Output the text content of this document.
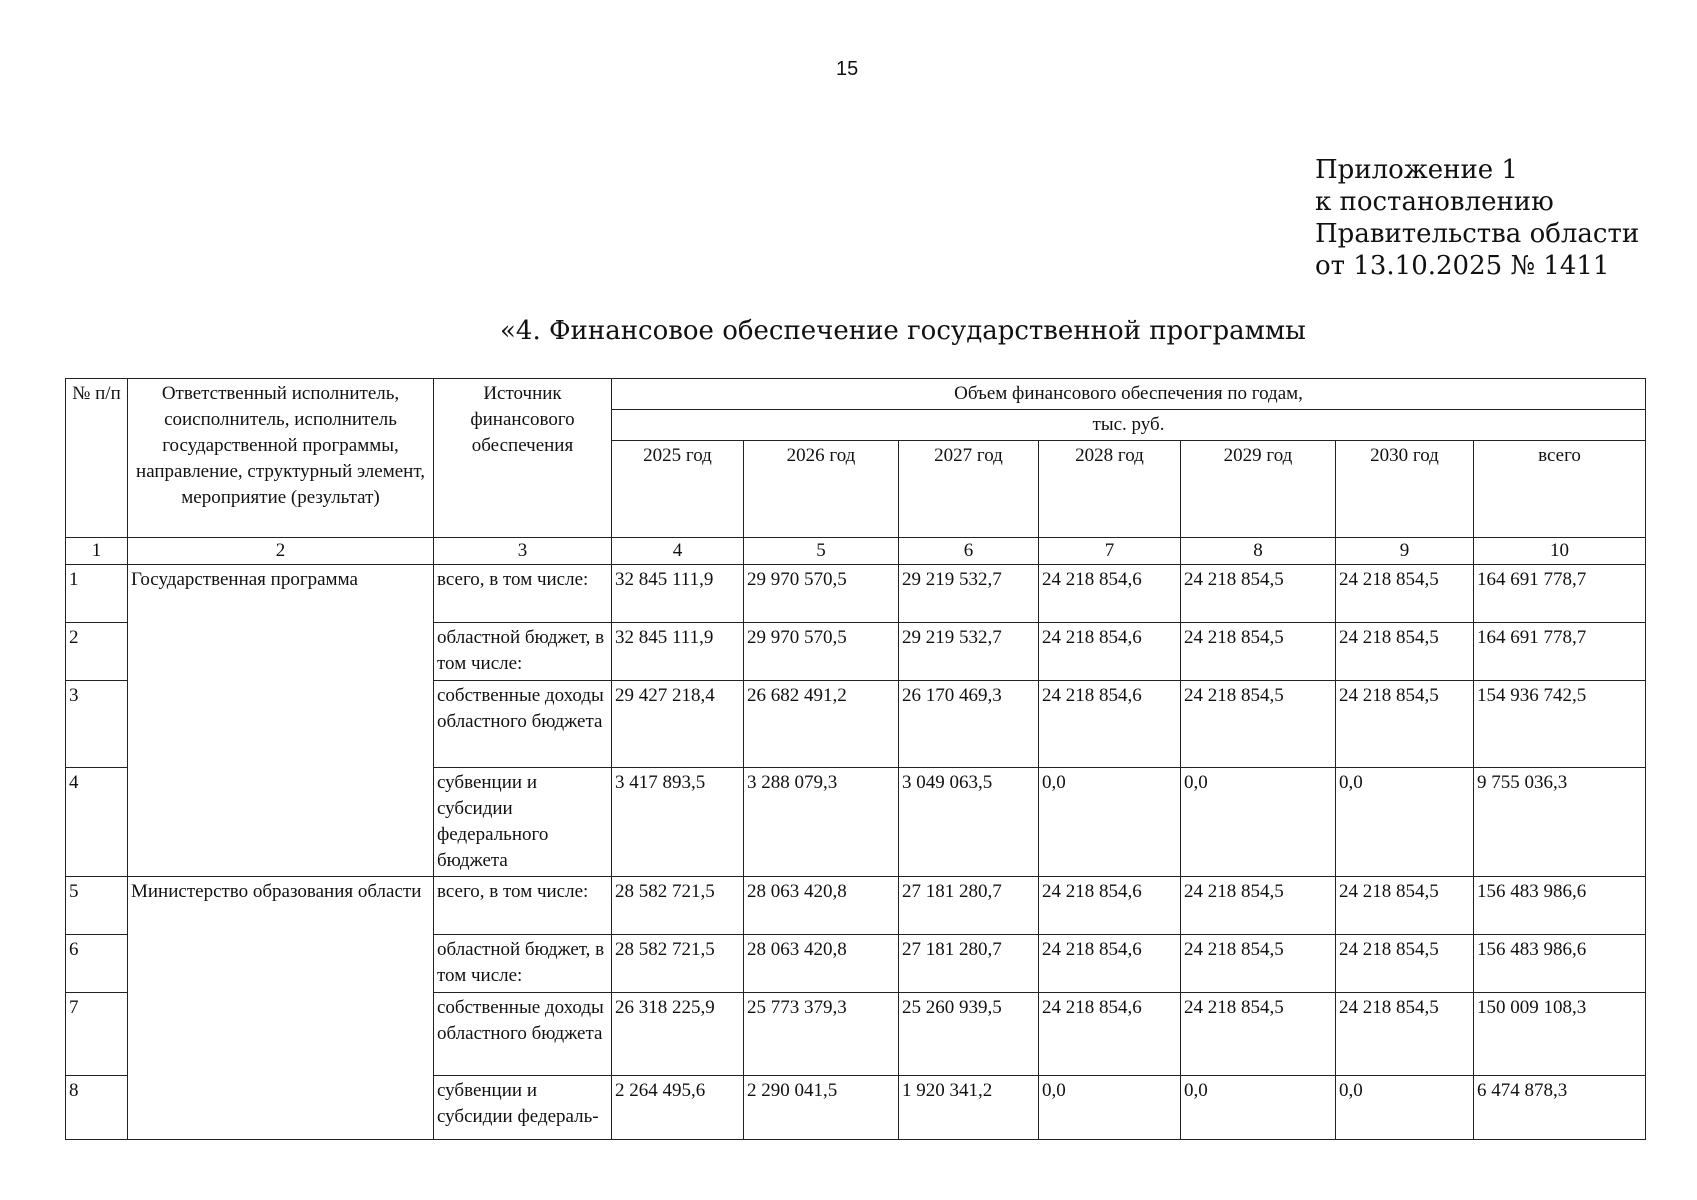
15
Приложение 1
к постановлению
Правительства области
от 13.10.2025 № 1411
«4. Финансовое обеспечение государственной программы
№ п/п	Ответственный исполнитель, соисполнитель, исполнитель государственной программы, направление, структурный элемент, мероприятие (результат)	Источник финансового обеспечения	Объем финансового обеспечения по годам,						
			тыс. руб.						
			2025 год	2026 год	2027 год	2028 год	2029 год	2030 год	всего
1	2	3	4	5	6	7	8	9	10
1	Государственная программа	всего, в том числе:	32 845 111,9	29 970 570,5	29 219 532,7	24 218 854,6	24 218 854,5	24 218 854,5	164 691 778,7
2		областной бюджет, в том числе:	32 845 111,9	29 970 570,5	29 219 532,7	24 218 854,6	24 218 854,5	24 218 854,5	164 691 778,7
3		собственные доходы областного бюджета	29 427 218,4	26 682 491,2	26 170 469,3	24 218 854,6	24 218 854,5	24 218 854,5	154 936 742,5
4		субвенции и субсидии федерального бюджета	3 417 893,5	3 288 079,3	3 049 063,5	0,0	0,0	0,0	9 755 036,3
5	Министерство образования области	всего, в том числе:	28 582 721,5	28 063 420,8	27 181 280,7	24 218 854,6	24 218 854,5	24 218 854,5	156 483 986,6
6		областной бюджет, в том числе:	28 582 721,5	28 063 420,8	27 181 280,7	24 218 854,6	24 218 854,5	24 218 854,5	156 483 986,6
7		собственные доходы областного бюджета	26 318 225,9	25 773 379,3	25 260 939,5	24 218 854,6	24 218 854,5	24 218 854,5	150 009 108,3
8		субвенции и субсидии федераль-	2 264 495,6	2 290 041,5	1 920 341,2	0,0	0,0	0,0	6 474 878,3
